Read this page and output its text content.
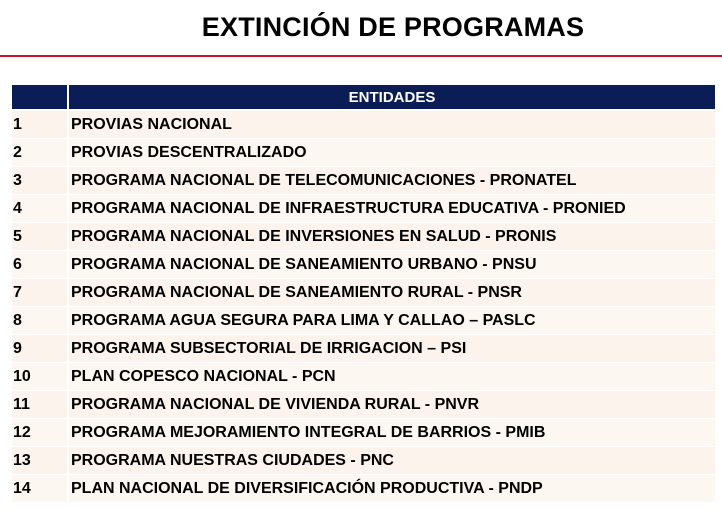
EXTINCIÓN DE PROGRAMAS
	ENTIDADES
1	PROVIAS NACIONAL
2	PROVIAS DESCENTRALIZADO
3	PROGRAMA NACIONAL DE TELECOMUNICACIONES - PRONATEL
4	PROGRAMA NACIONAL DE INFRAESTRUCTURA EDUCATIVA - PRONIED
5	PROGRAMA NACIONAL DE INVERSIONES EN SALUD - PRONIS
6	PROGRAMA NACIONAL DE SANEAMIENTO URBANO - PNSU
7	PROGRAMA NACIONAL DE SANEAMIENTO RURAL - PNSR
8	PROGRAMA AGUA SEGURA PARA LIMA Y CALLAO – PASLC
9	PROGRAMA SUBSECTORIAL DE IRRIGACION – PSI
10	PLAN COPESCO NACIONAL - PCN
11	PROGRAMA NACIONAL DE VIVIENDA RURAL - PNVR
12	PROGRAMA MEJORAMIENTO INTEGRAL DE BARRIOS - PMIB
13	PROGRAMA NUESTRAS CIUDADES - PNC
14	PLAN NACIONAL DE DIVERSIFICACIÓN PRODUCTIVA - PNDP
